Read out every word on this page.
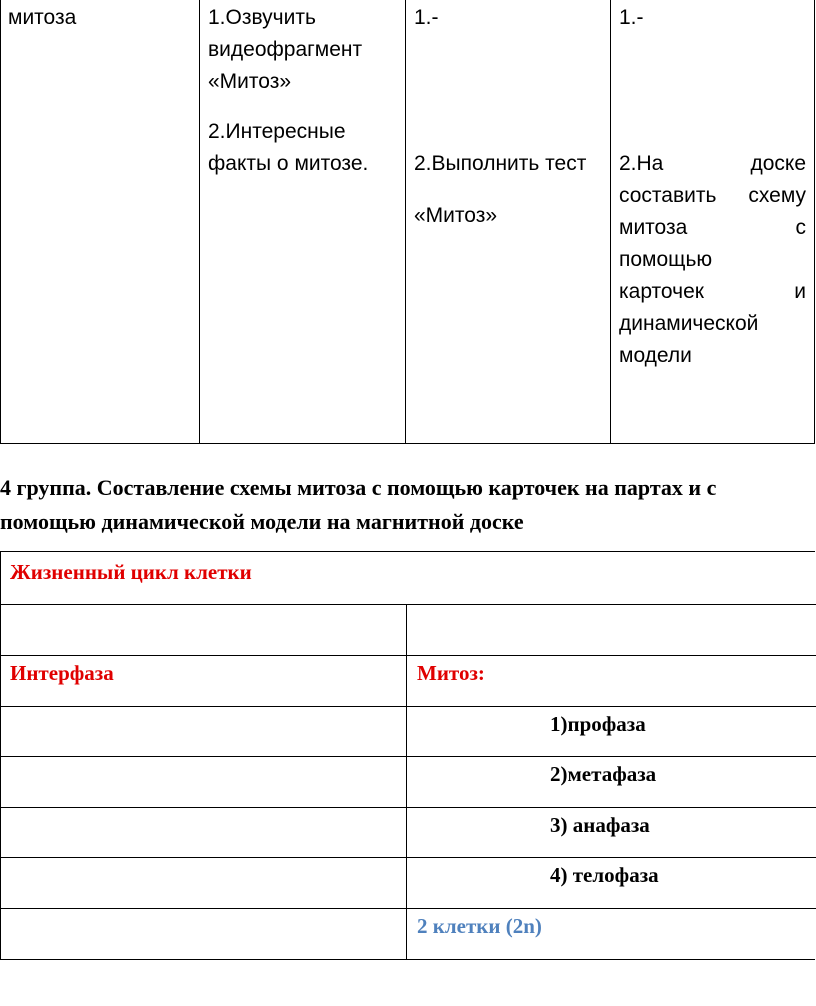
митоза	1.Озвучить
видеофрагмент
«Митоз»
2.Интересные
факты о митозе.

1.-

2.Выполнить тест

«Митоз»

1.-

2.На доске

составить схему

митоза с

помощью

карточек и

динамической

модели

4 группа. Составление схемы митоза с помощью карточек на партах и с
помощью динамической модели на магнитной доске

Жизненный цикл клетки

Интерфаза	Митоз:

1)профаза

2)метафаза

3) анафаза

4) телофаза

2 клетки (2n)
